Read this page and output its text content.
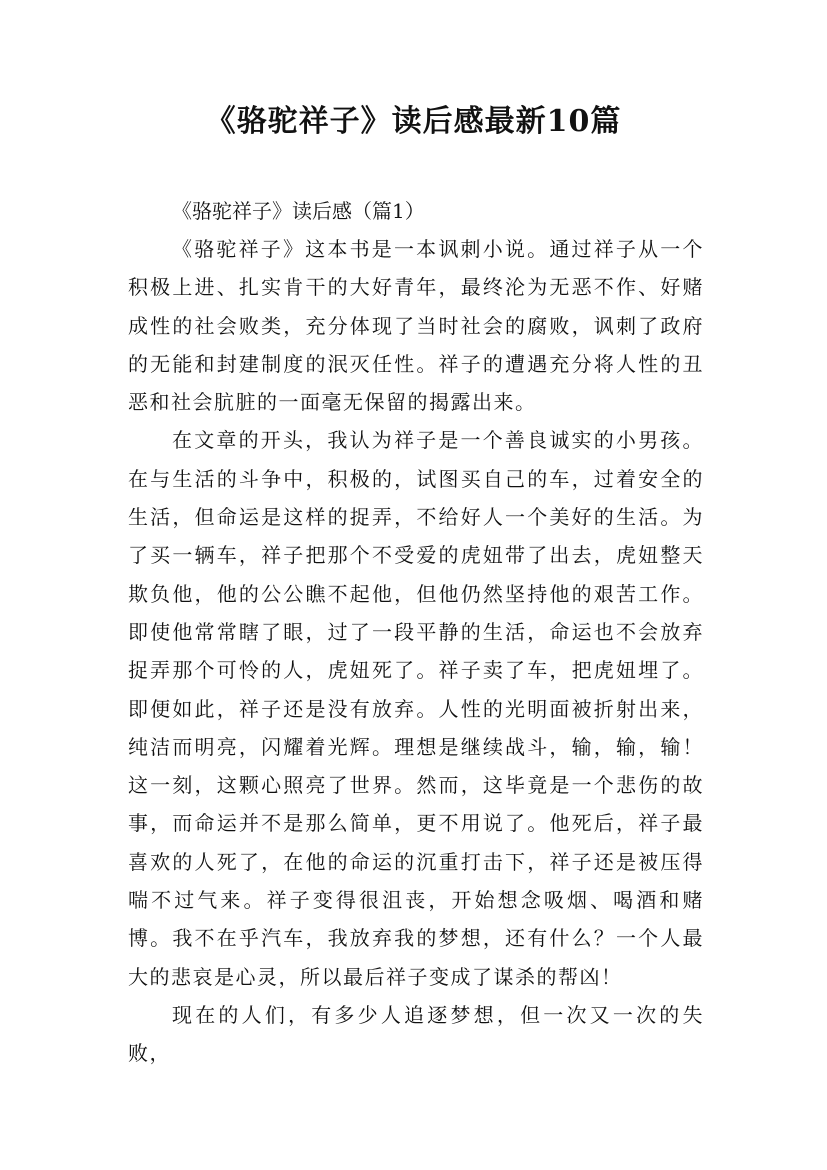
《骆驼祥子》读后感最新10篇

《骆驼祥子》读后感（篇1）

《骆驼祥子》这本书是一本讽刺小说。通过祥子从一个积极上进、扎实肯干的大好青年，最终沦为无恶不作、好赌成性的社会败类，充分体现了当时社会的腐败，讽刺了政府的无能和封建制度的泯灭任性。祥子的遭遇充分将人性的丑恶和社会肮脏的一面毫无保留的揭露出来。

在文章的开头，我认为祥子是一个善良诚实的小男孩。在与生活的斗争中，积极的，试图买自己的车，过着安全的生活，但命运是这样的捉弄，不给好人一个美好的生活。为了买一辆车，祥子把那个不受爱的虎妞带了出去，虎妞整天欺负他，他的公公瞧不起他，但他仍然坚持他的艰苦工作。即使他常常瞎了眼，过了一段平静的生活，命运也不会放弃捉弄那个可怜的人，虎妞死了。祥子卖了车，把虎妞埋了。即便如此，祥子还是没有放弃。人性的光明面被折射出来，纯洁而明亮，闪耀着光辉。理想是继续战斗，输，输，输！这一刻，这颗心照亮了世界。然而，这毕竟是一个悲伤的故事，而命运并不是那么简单，更不用说了。他死后，祥子最喜欢的人死了，在他的命运的沉重打击下，祥子还是被压得喘不过气来。祥子变得很沮丧，开始想念吸烟、喝酒和赌博。我不在乎汽车，我放弃我的梦想，还有什么？一个人最大的悲哀是心灵，所以最后祥子变成了谋杀的帮凶！

现在的人们，有多少人追逐梦想，但一次又一次的失败，
